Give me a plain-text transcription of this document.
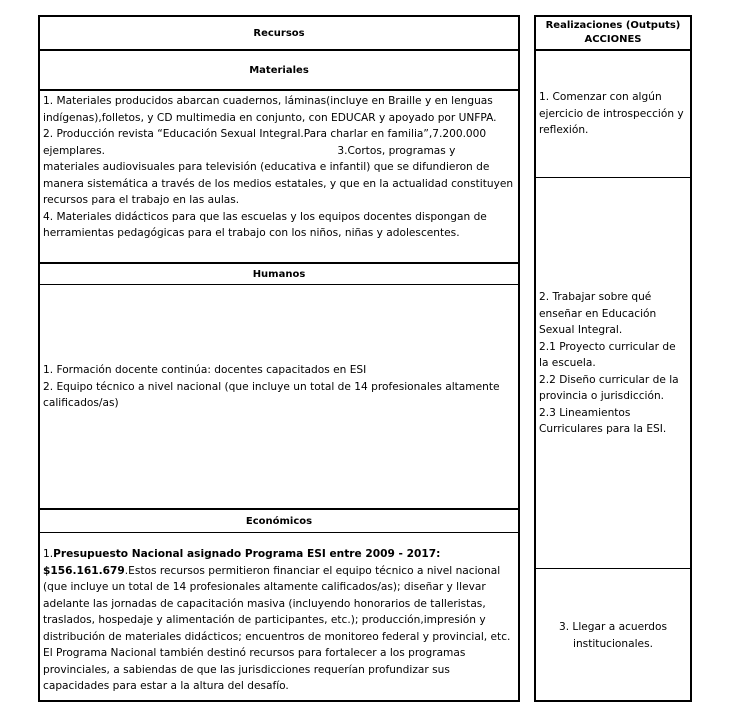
Recursos
Materiales
1. Materiales producidos abarcan cuadernos, láminas(incluye en Braille y en lenguas indígenas),folletos, y CD multimedia en conjunto, con EDUCAR y apoyado por UNFPA.
2. Producción revista “Educación Sexual Integral.Para charlar en familia”,7.200.000 ejemplares.                                                                     3.Cortos, programas y materiales audiovisuales para televisión (educativa e infantil) que se difundieron de manera sistemática a través de los medios estatales, y que en la actualidad constituyen recursos para el trabajo en las aulas.
4. Materiales didácticos para que las escuelas y los equipos docentes dispongan de herramientas pedagógicas para el trabajo con los niños, niñas y adolescentes.
Humanos
1. Formación docente continúa: docentes capacitados en ESI
2. Equipo técnico a nivel nacional (que incluye un total de 14 profesionales altamente calificados/as)
Económicos
1.Presupuesto Nacional asignado Programa ESI entre 2009 - 2017: $156.161.679.Estos recursos permitieron financiar el equipo técnico a nivel nacional (que incluye un total de 14 profesionales altamente calificados/as); diseñar y llevar adelante las jornadas de capacitación masiva (incluyendo honorarios de talleristas, traslados, hospedaje y alimentación de participantes, etc.); producción,impresión y distribución de materiales didácticos; encuentros de monitoreo federal y provincial, etc. El Programa Nacional también destinó recursos para fortalecer a los programas provinciales, a sabiendas de que las jurisdicciones requerían profundizar sus capacidades para estar a la altura del desafío.
Realizaciones (Outputs)
ACCIONES
1. Comenzar con algún ejercicio de introspección y reflexión.
2. Trabajar sobre qué enseñar en Educación Sexual Integral.
2.1 Proyecto curricular de la escuela.
2.2 Diseño curricular de la provincia o jurisdicción.
2.3 Lineamientos Curriculares para la ESI.
3. Llegar a acuerdos institucionales.
